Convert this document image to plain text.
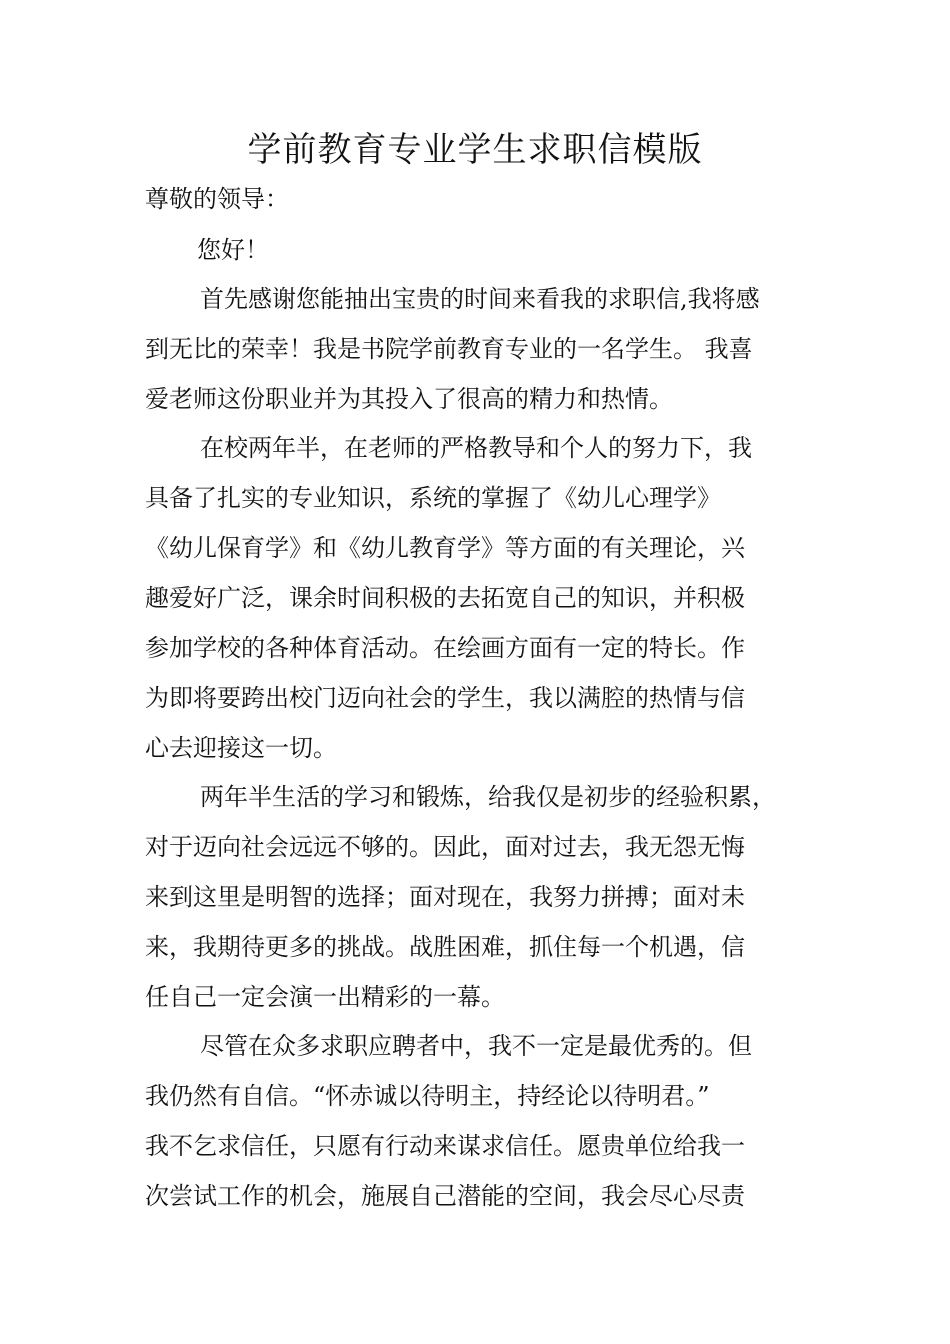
学前教育专业学生求职信模版
尊敬的领导：
您好！
首先感谢您能抽出宝贵的时间来看我的求职信,我将感
到无比的荣幸！我是书院学前教育专业的一名学生。 我喜
爱老师这份职业并为其投入了很高的精力和热情。
在校两年半，在老师的严格教导和个人的努力下，我
具备了扎实的专业知识，系统的掌握了《幼儿心理学》
《幼儿保育学》和《幼儿教育学》等方面的有关理论，兴
趣爱好广泛，课余时间积极的去拓宽自己的知识，并积极
参加学校的各种体育活动。在绘画方面有一定的特长。作
为即将要跨出校门迈向社会的学生，我以满腔的热情与信
心去迎接这一切。
两年半生活的学习和锻炼，给我仅是初步的经验积累，
对于迈向社会远远不够的。因此，面对过去，我无怨无悔
来到这里是明智的选择；面对现在，我努力拼搏；面对未
来，我期待更多的挑战。战胜困难，抓住每一个机遇，信
任自己一定会演一出精彩的一幕。
尽管在众多求职应聘者中，我不一定是最优秀的。但
我仍然有自信。“怀赤诚以待明主，持经论以待明君。”
我不乞求信任，只愿有行动来谋求信任。愿贵单位给我一
次尝试工作的机会，施展自己潜能的空间，我会尽心尽责
